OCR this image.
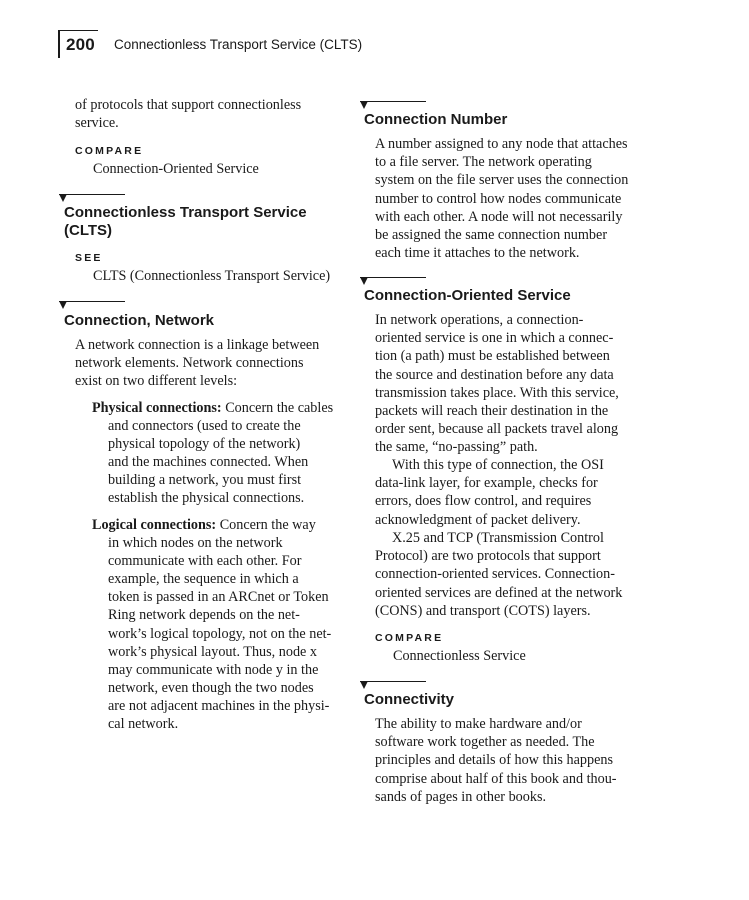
200 Connectionless Transport Service (CLTS)

of protocols that support connectionless

service.

COMPARE
Connection-Oriented Service
Connectionless Transport Service
(CLTS)
SEE
CLTS (Connectionless Transport Service)
Connection, Network

A network connection is a linkage between

network elements. Network connections

exist on two different levels:

Physical connections: Concern the cables
and connectors (used to create the
physical topology of the network)
and the machines connected. When
building a network, you must first
establish the physical connections.
Logical connections: Concern the way
in which nodes on the network
communicate with each other. For
example, the sequence in which a
token is passed in an ARCnet or Token
Ring network depends on the net-
work’s logical topology, not on the net-
work’s physical layout. Thus, node x
may communicate with node y in the
network, even though the two nodes
are not adjacent machines in the physi-
cal network.
Connection Number

A number assigned to any node that attaches

to a file server. The network operating

system on the file server uses the connection

number to control how nodes communicate

with each other. A node will not necessarily

be assigned the same connection number

each time it attaches to the network.

Connection-Oriented Service

In network operations, a connection-

oriented service is one in which a connec-

tion (a path) must be established between

the source and destination before any data

transmission takes place. With this service,

packets will reach their destination in the

order sent, because all packets travel along

the same, “no-passing” path.

With this type of connection, the OSI

data-link layer, for example, checks for

errors, does flow control, and requires

acknowledgment of packet delivery.

X.25 and TCP (Transmission Control

Protocol) are two protocols that support

connection-oriented services. Connection-

oriented services are defined at the network

(CONS) and transport (COTS) layers.

COMPARE
Connectionless Service
Connectivity

The ability to make hardware and/or

software work together as needed. The

principles and details of how this happens

comprise about half of this book and thou-

sands of pages in other books.
